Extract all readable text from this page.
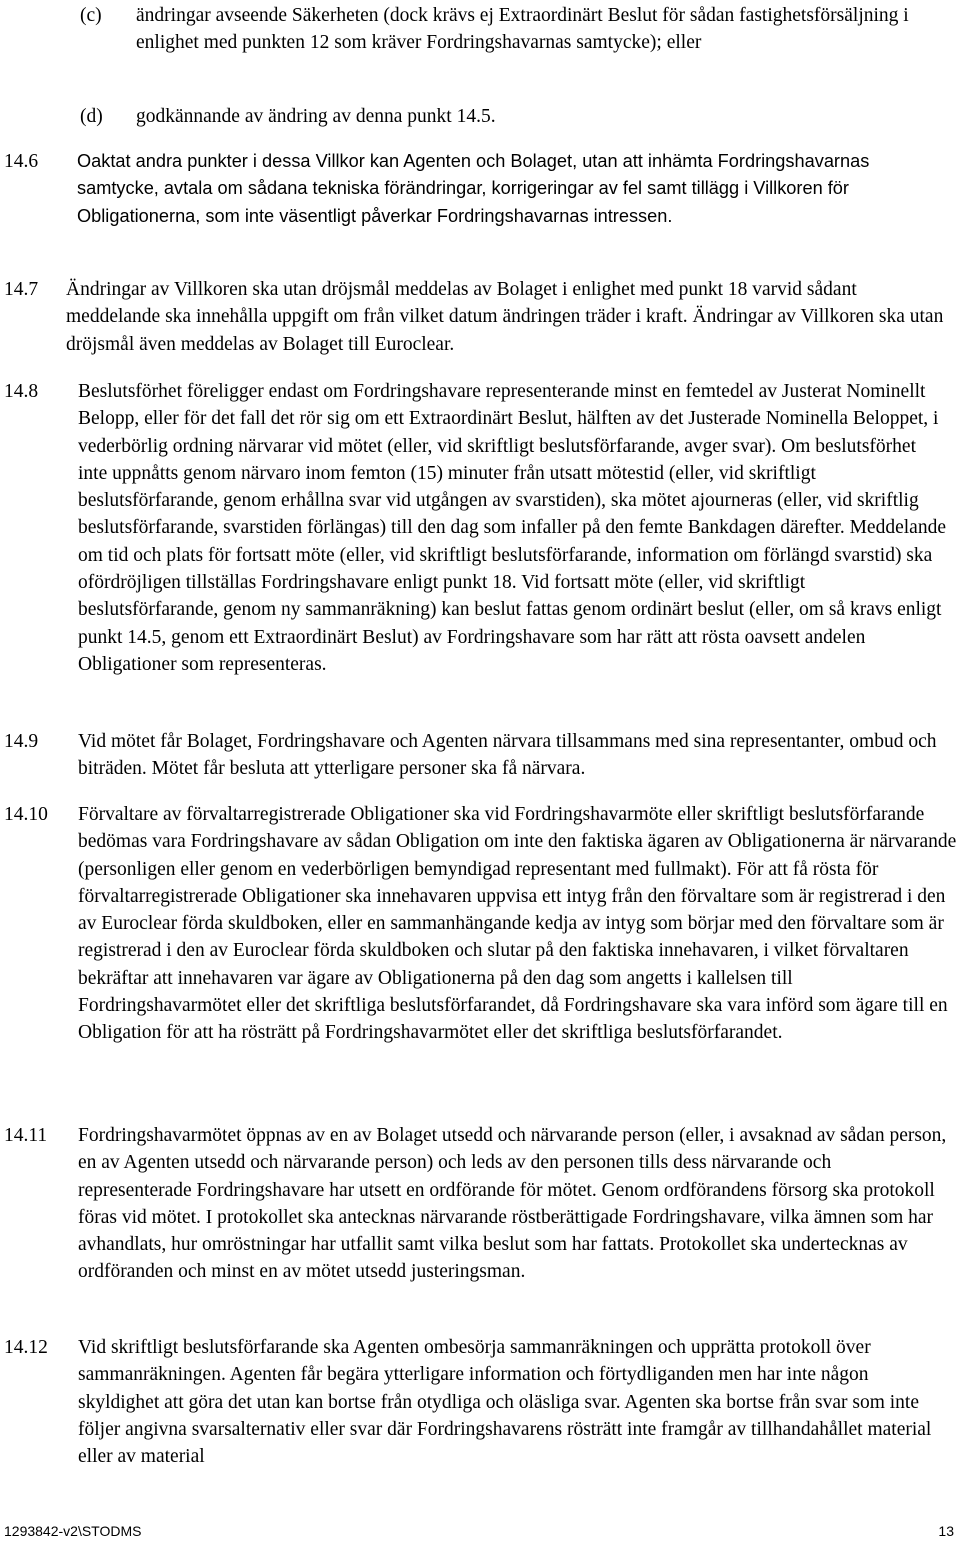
(c) ändringar avseende Säkerheten (dock krävs ej Extraordinärt Beslut för sådan fastighetsförsäljning i enlighet med punkten 12 som kräver Fordringshavarnas samtycke); eller
(d) godkännande av ändring av denna punkt 14.5.
14.6 Oaktat andra punkter i dessa Villkor kan Agenten och Bolaget, utan att inhämta Fordringshavarnas samtycke, avtala om sådana tekniska förändringar, korrigeringar av fel samt tillägg i Villkoren för Obligationerna, som inte väsentligt påverkar Fordringshavarnas intressen.
14.7 Ändringar av Villkoren ska utan dröjsmål meddelas av Bolaget i enlighet med punkt 18 varvid sådant meddelande ska innehålla uppgift om från vilket datum ändringen träder i kraft. Ändringar av Villkoren ska utan dröjsmål även meddelas av Bolaget till Euroclear.
14.8 Beslutsförhet föreligger endast om Fordringshavare representerande minst en femtedel av Justerat Nominellt Belopp, eller för det fall det rör sig om ett Extraordinärt Beslut, hälften av det Justerade Nominella Beloppet, i vederbörlig ordning närvarar vid mötet (eller, vid skriftligt beslutsförfarande, avger svar). Om beslutsförhet inte uppnåtts genom närvaro inom femton (15) minuter från utsatt mötestid (eller, vid skriftligt beslutsförfarande, genom erhållna svar vid utgången av svarstiden), ska mötet ajourneras (eller, vid skriftlig beslutsförfarande, svarstiden förlängas) till den dag som infaller på den femte Bankdagen därefter. Meddelande om tid och plats för fortsatt möte (eller, vid skriftligt beslutsförfarande, information om förlängd svarstid) ska ofördröjligen tillställas Fordringshavare enligt punkt 18. Vid fortsatt möte (eller, vid skriftligt beslutsförfarande, genom ny sammanräkning) kan beslut fattas genom ordinärt beslut (eller, om så kravs enligt punkt 14.5, genom ett Extraordinärt Beslut) av Fordringshavare som har rätt att rösta oavsett andelen Obligationer som representeras.
14.9 Vid mötet får Bolaget, Fordringshavare och Agenten närvara tillsammans med sina representanter, ombud och biträden. Mötet får besluta att ytterligare personer ska få närvara.
14.10 Förvaltare av förvaltarregistrerade Obligationer ska vid Fordringshavarmöte eller skriftligt beslutsförfarande bedömas vara Fordringshavare av sådan Obligation om inte den faktiska ägaren av Obligationerna är närvarande (personligen eller genom en vederbörligen bemyndigad representant med fullmakt). För att få rösta för förvaltarregistrerade Obligationer ska innehavaren uppvisa ett intyg från den förvaltare som är registrerad i den av Euroclear förda skuldboken, eller en sammanhängande kedja av intyg som börjar med den förvaltare som är registrerad i den av Euroclear förda skuldboken och slutar på den faktiska innehavaren, i vilket förvaltaren bekräftar att innehavaren var ägare av Obligationerna på den dag som angetts i kallelsen till Fordringshavarmötet eller det skriftliga beslutsförfarandet, då Fordringshavare ska vara införd som ägare till en Obligation för att ha rösträtt på Fordringshavarmötet eller det skriftliga beslutsförfarandet.
14.11 Fordringshavarmötet öppnas av en av Bolaget utsedd och närvarande person (eller, i avsaknad av sådan person, en av Agenten utsedd och närvarande person) och leds av den personen tills dess närvarande och representerade Fordringshavare har utsett en ordförande för mötet. Genom ordförandens försorg ska protokoll föras vid mötet. I protokollet ska antecknas närvarande röstberättigade Fordringshavare, vilka ämnen som har avhandlats, hur omröstningar har utfallit samt vilka beslut som har fattats. Protokollet ska undertecknas av ordföranden och minst en av mötet utsedd justeringsman.
14.12 Vid skriftligt beslutsförfarande ska Agenten ombesörja sammanräkningen och upprätta protokoll över sammanräkningen. Agenten får begära ytterligare information och förtydliganden men har inte någon skyldighet att göra det utan kan bortse från otydliga och oläsliga svar. Agenten ska bortse från svar som inte följer angivna svarsalternativ eller svar där Fordringshavarens rösträtt inte framgår av tillhandahållet material eller av material
1293842-v2\STODMS	13
